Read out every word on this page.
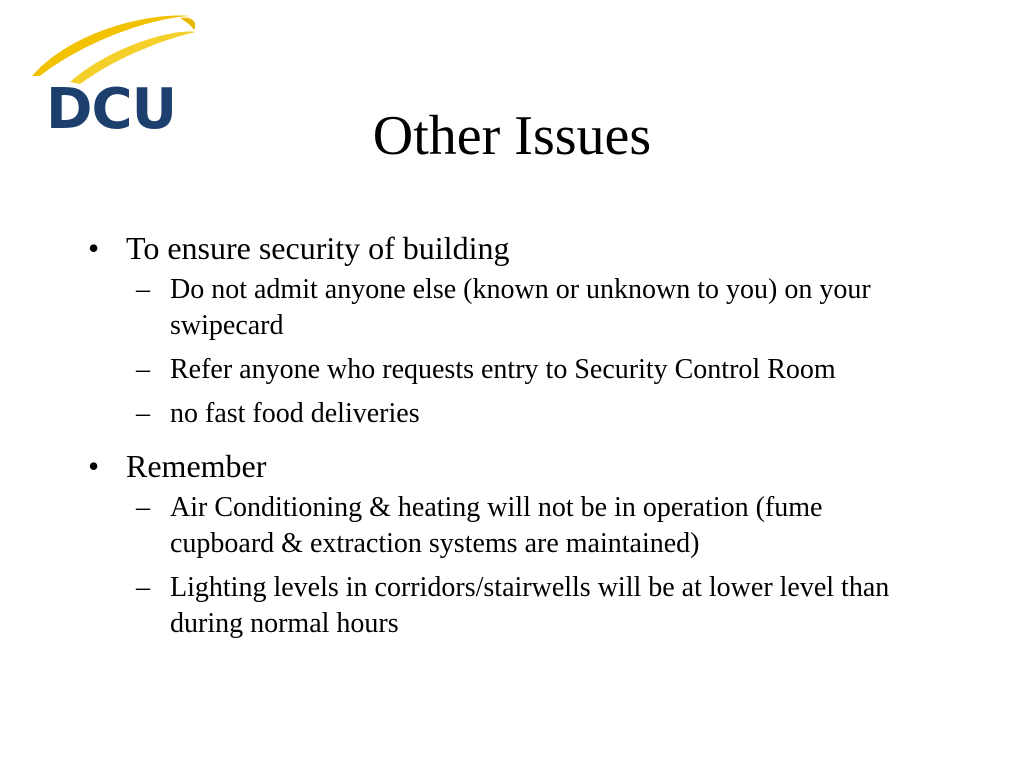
DCU	Other Issues
• To ensure security of building
– Do not admit anyone else (known or unknown to you) on your swipecard
– Refer anyone who requests entry to Security Control Room
– no fast food deliveries
• Remember
– Air Conditioning & heating will not be in operation (fume cupboard & extraction systems are maintained)
– Lighting levels in corridors/stairwells will be at lower level than during normal hours
